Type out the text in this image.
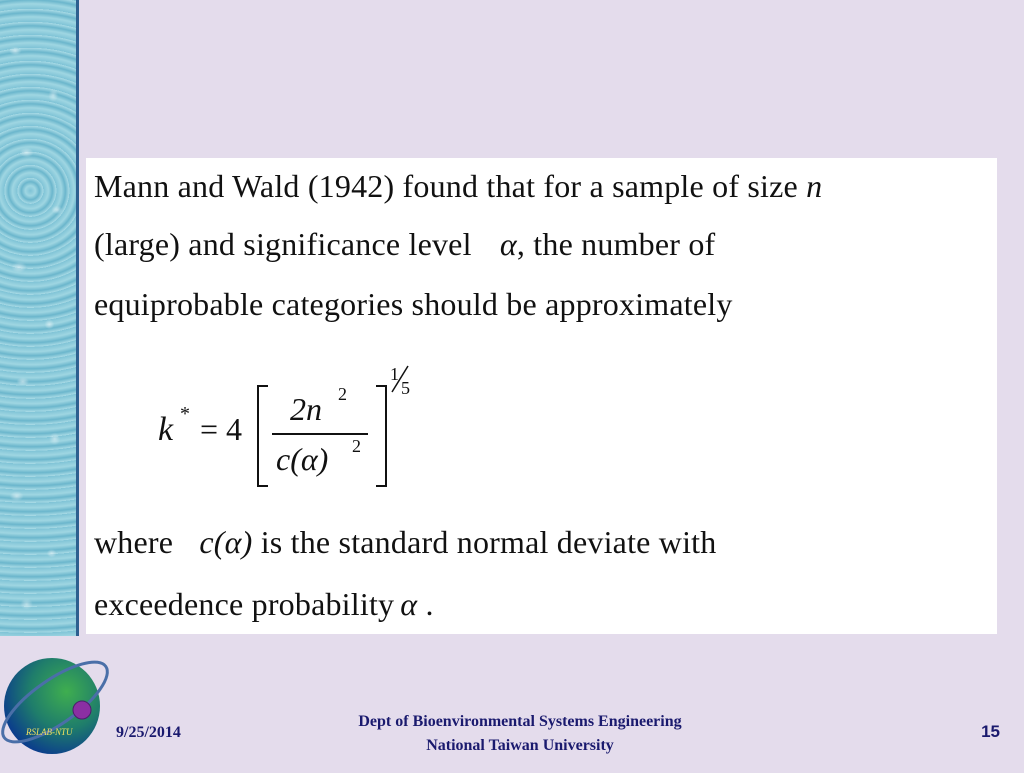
Mann and Wald (1942) found that for a sample of size n
(large) and significance level α, the number of
equiprobable categories should be approximately
k * = 4
2n 2
c(α) 2
1
5
where c(α) is the standard normal deviate with
exceedence probability α .
RSLAB-NTU	9/25/2014
Dept of Bioenvironmental Systems Engineering
National Taiwan University
15
